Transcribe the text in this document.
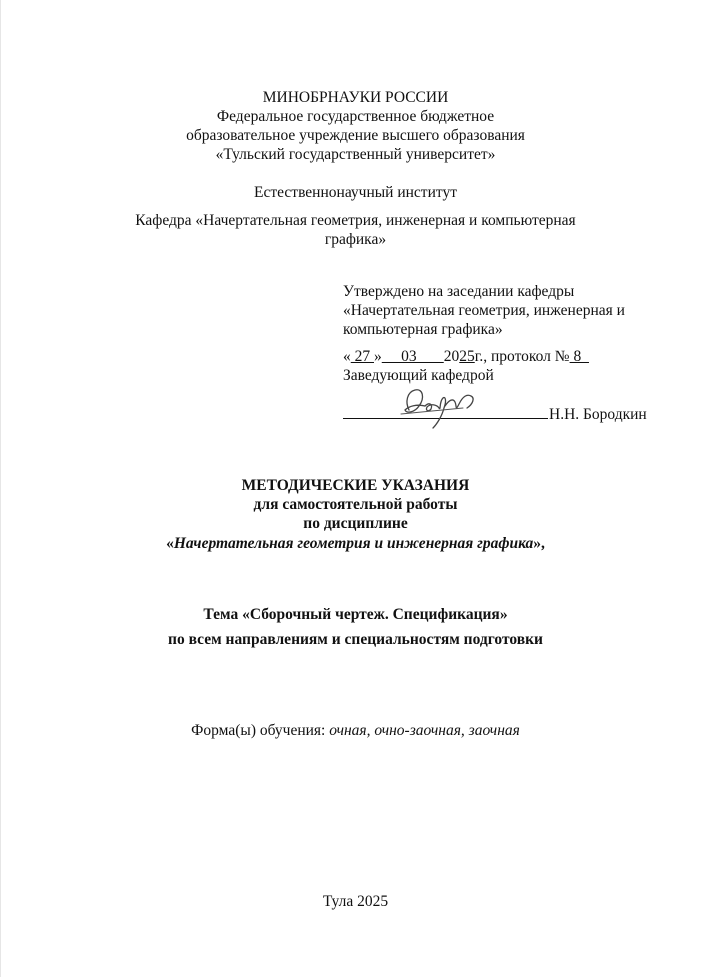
МИНОБРНАУКИ РОССИИ
Федеральное государственное бюджетное
образовательное учреждение высшего образования
«Тульский государственный университет»
Естественнонаучный институт
Кафедра «Начертательная геометрия, инженерная и компьютерная
графика»
Утверждено на заседании кафедры
«Начертательная геометрия, инженерная и
компьютерная графика»
« 27 »     03       2025г., протокол № 8
Заведующий кафедрой
Н.Н. Бородкин
МЕТОДИЧЕСКИЕ УКАЗАНИЯ
для самостоятельной работы
по дисциплине
«Начертательная геометрия и инженерная графика»,
Тема «Сборочный чертеж. Спецификация»
по всем направлениям и специальностям подготовки
Форма(ы) обучения: очная, очно-заочная, заочная
Тула 2025
